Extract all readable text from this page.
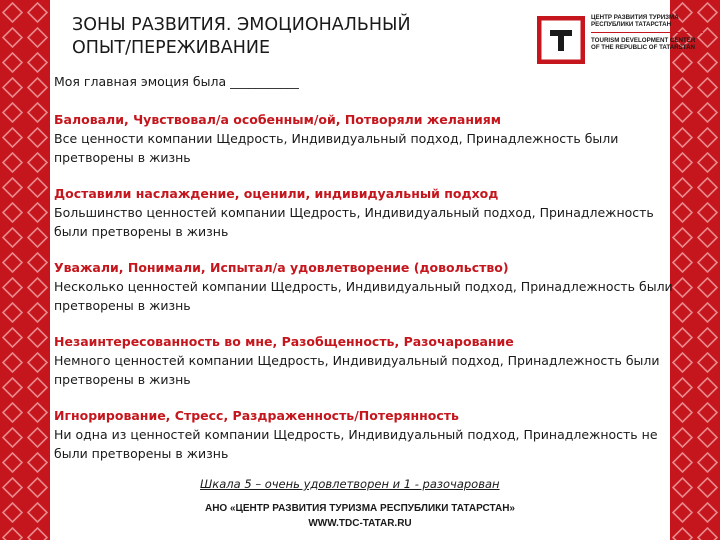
ЗОНЫ РАЗВИТИЯ. ЭМОЦИОНАЛЬНЫЙ
ОПЫТ/ПЕРЕЖИВАНИЕ
ЦЕНТР РАЗВИТИЯ ТУРИЗМА
РЕСПУБЛИКИ ТАТАРСТАН
TOURISM DEVELOPMENT CENTER
OF THE REPUBLIC OF TATARSTAN
Моя главная эмоция была ___________
Баловали, Чувствовал/а особенным/ой, Потворяли желаниям
Все ценности компании Щедрость, Индивидуальный подход, Принадлежность были
претворены в жизнь
Доставили наслаждение, оценили, индивидуальный подход
Большинство ценностей компании Щедрость, Индивидуальный подход, Принадлежность
были претворены в жизнь
Уважали, Понимали, Испытал/а удовлетворение (довольство)
Несколько ценностей компании Щедрость, Индивидуальный подход, Принадлежность были
претворены в жизнь
Незаинтересованность во мне, Разобщенность, Разочарование
Немного ценностей компании Щедрость, Индивидуальный подход, Принадлежность были
претворены в жизнь
Игнорирование, Стресс, Раздраженность/Потерянность
Ни одна из ценностей компании Щедрость, Индивидуальный подход, Принадлежность не
были претворены в жизнь
Шкала 5 – очень удовлетворен и 1 - разочарован
АНО «ЦЕНТР РАЗВИТИЯ ТУРИЗМА РЕСПУБЛИКИ ТАТАРСТАН»
WWW.TDC-TATAR.RU
